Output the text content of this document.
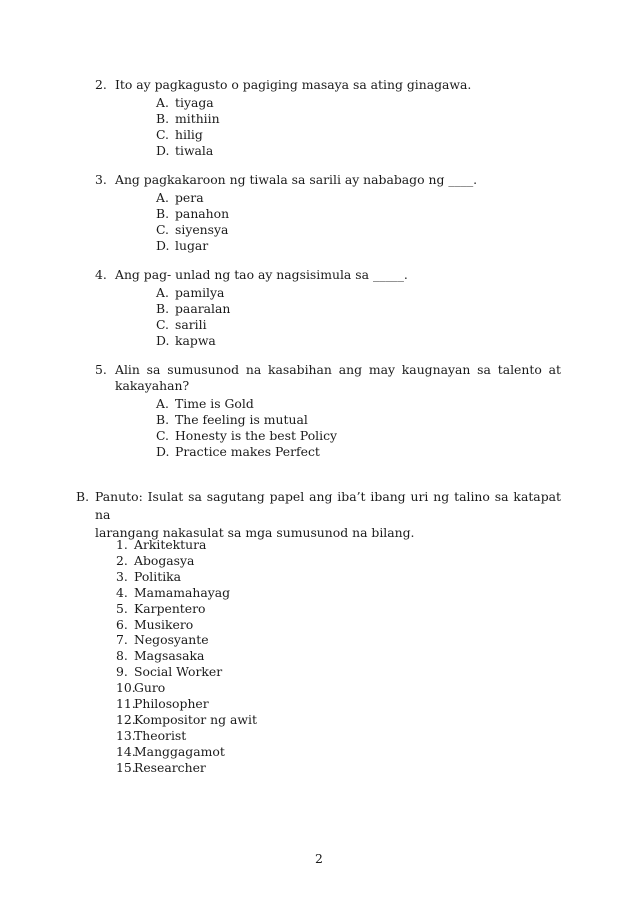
2. Ito ay pagkagusto o pagiging masaya sa ating ginagawa.
A. tiyaga
B. mithiin
C. hilig
D. tiwala
3. Ang pagkakaroon ng tiwala sa sarili ay nababago ng ____.
A. pera
B. panahon
C. siyensya
D. lugar
4. Ang pag- unlad ng tao ay nagsisimula sa _____.
A. pamilya
B. paaralan
C. sarili
D. kapwa
5. Alin sa sumusunod na kasabihan ang may kaugnayan sa talento at
kakayahan?
A. Time is Gold
B. The feeling is mutual
C. Honesty is the best Policy
D. Practice makes Perfect
B. Panuto: Isulat sa sagutang papel ang iba’t ibang uri ng talino sa katapat na
larangang nakasulat sa mga sumusunod na bilang.
1. Arkitektura
2. Abogasya
3. Politika
4. Mamamahayag
5. Karpentero
6. Musikero
7. Negosyante
8. Magsasaka
9. Social Worker
10.
Guro
11.
Philosopher
12.
Kompositor ng awit
13.
Theorist
14.
Manggagamot
15.
Researcher
2
